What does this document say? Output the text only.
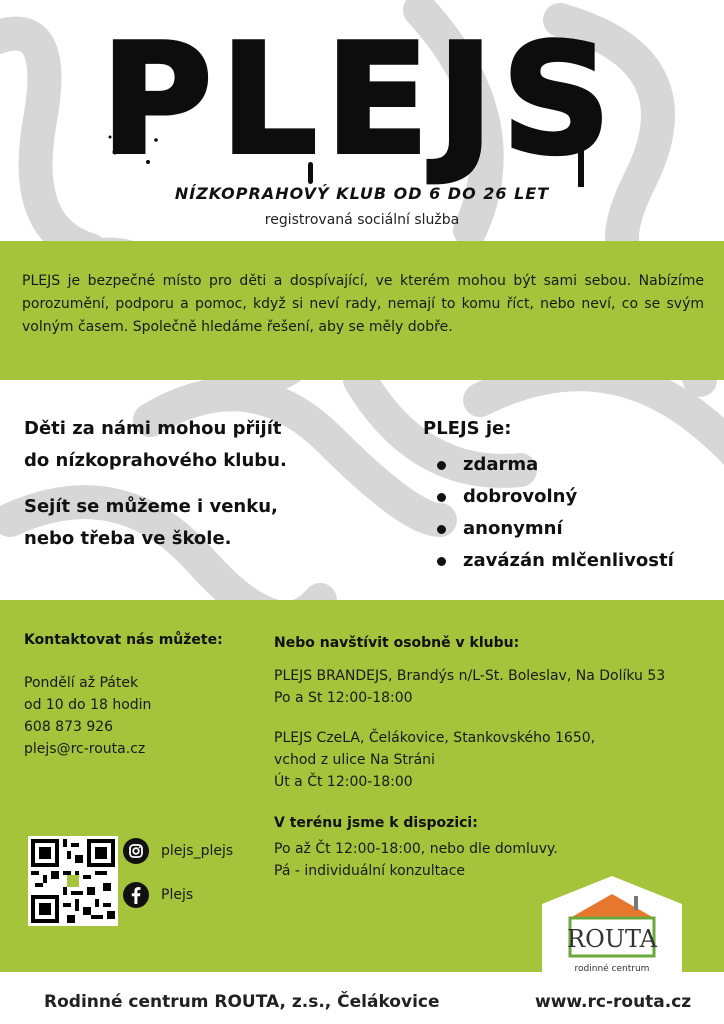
PLEJS
NÍZKOPRAHOVÝ KLUB OD 6 DO 26 LET
registrovaná sociální služba
PLEJS je bezpečné místo pro děti a dospívající, ve kterém mohou být sami sebou. Nabízíme porozumění, podporu a pomoc, když si neví rady, nemají to komu říct, nebo neví, co se svým volným časem. Společně hledáme řešení, aby se měly dobře.

Děti za námi mohou přijít

do nízkoprahového klubu.

Sejít se můžeme i venku,

nebo třeba ve škole.

PLEJS je:

zdarma
dobrovolný
anonymní
zavázán mlčenlivostí
Kontaktovat nás můžete:
Pondělí až Pátek
od 10 do 18 hodin
608 873 926
plejs@rc-routa.cz
Nebo navštívit osobně v klubu:
PLEJS BRANDEJS, Brandýs n/L-St. Boleslav, Na Dolíku 53
Po a St 12:00-18:00
PLEJS CzeLA, Čelákovice, Stankovského 1650,
vchod z ulice Na Stráni
Út a Čt 12:00-18:00
V terénu jsme k dispozici:
Po až Čt 12:00-18:00, nebo dle domluvy.
Pá - individuální konzultace
plejs_plejs
Plejs
ROUTA
rodinné centrum
Rodinné centrum ROUTA, z.s., Čelákovice	www.rc-routa.cz
